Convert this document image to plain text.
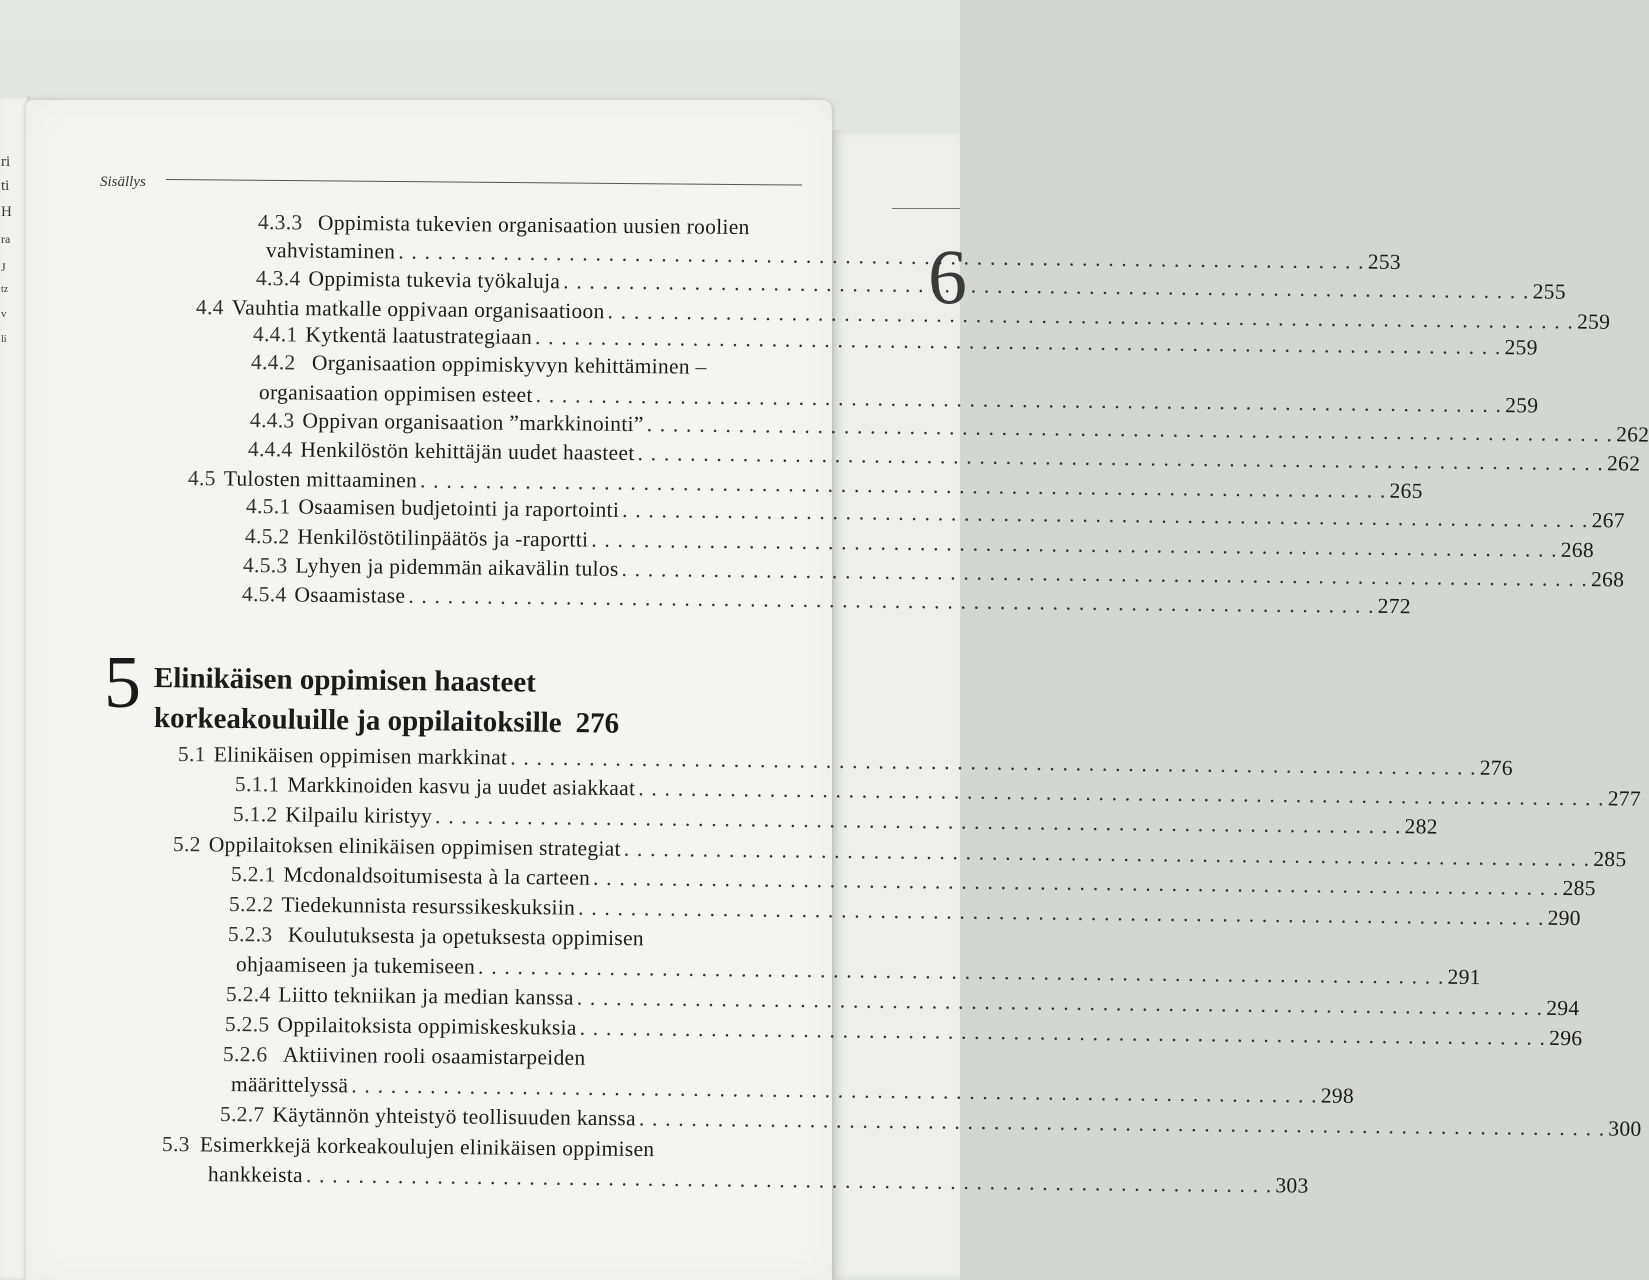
ri
ti
H
ra
J
tz
v
li
6
Sisällys
5 Elinikäisen oppimisen haasteet
korkeakouluille ja oppilaitoksille 276
4.3.3 Oppimista tukevien organisaation uusien roolien
vahvistaminen . . .	253
4.3.4 Oppimista tukevia työkaluja . . .	255
4.4 Vauhtia matkalle oppivaan organisaatioon . . .	259
4.4.1 Kytkentä laatustrategiaan . . .	259
4.4.2 Organisaation oppimiskyvyn kehittäminen –
organisaation oppimisen esteet . . .	259
4.4.3 Oppivan organisaation ”markkinointi” . . .	262
4.4.4 Henkilöstön kehittäjän uudet haasteet . . .	262
4.5 Tulosten mittaaminen . . .	265
4.5.1 Osaamisen budjetointi ja raportointi . . .	267
4.5.2 Henkilöstötilinpäätös ja -raportti . . .	268
4.5.3 Lyhyen ja pidemmän aikavälin tulos . . .	268
4.5.4 Osaamistase . . .	272
5.1 Elinikäisen oppimisen markkinat . . .	276
5.1.1 Markkinoiden kasvu ja uudet asiakkaat . . .	277
5.1.2 Kilpailu kiristyy . . .	282
5.2 Oppilaitoksen elinikäisen oppimisen strategiat . . .	285
5.2.1 Mcdonaldsoitumisesta à la carteen . . .	285
5.2.2 Tiedekunnista resurssikeskuksiin . . .	290
5.2.3 Koulutuksesta ja opetuksesta oppimisen
ohjaamiseen ja tukemiseen . . .	291
5.2.4 Liitto tekniikan ja median kanssa . . .	294
5.2.5 Oppilaitoksista oppimiskeskuksia . . .	296
5.2.6 Aktiivinen rooli osaamistarpeiden
määrittelyssä . . .	298
5.2.7 Käytännön yhteistyö teollisuuden kanssa . . .	300
5.3 Esimerkkejä korkeakoulujen elinikäisen oppimisen
hankkeista . . .	303
